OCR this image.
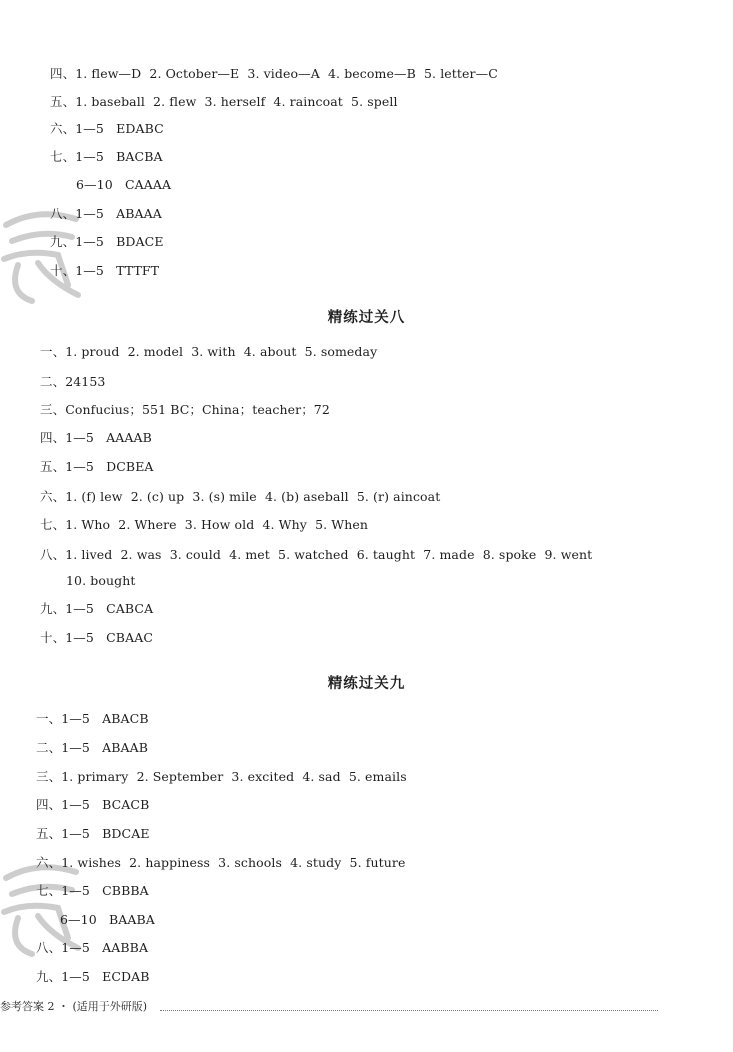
四、1. flew—D  2. October—E  3. video—A  4. become—B  5. letter—C
五、1. baseball  2. flew  3. herself  4. raincoat  5. spell
六、1—5   EDABC
七、1—5   BACBA
6—10   CAAAA
八、1—5   ABAAA
九、1—5   BDACE
十、1—5   TTTFT
精练过关八
一、1. proud  2. model  3. with  4. about  5. someday
二、24153
三、Confucius；551 BC；China；teacher；72
四、1—5   AAAAB
五、1—5   DCBEA
六、1. (f) lew  2. (c) up  3. (s) mile  4. (b) aseball  5. (r) aincoat
七、1. Who  2. Where  3. How old  4. Why  5. When
八、1. lived  2. was  3. could  4. met  5. watched  6. taught  7. made  8. spoke  9. went
10. bought
九、1—5   CABCA
十、1—5   CBAAC
精练过关九
一、1—5   ABACB
二、1—5   ABAAB
三、1. primary  2. September  3. excited  4. sad  5. emails
四、1—5   BCACB
五、1—5   BDCAE
六、1. wishes  2. happiness  3. schools  4. study  5. future
七、1—5   CBBBA
6—10   BAABA
八、1—5   AABBA
九、1—5   ECDAB
参考答案 2 ・ (适用于外研版)
